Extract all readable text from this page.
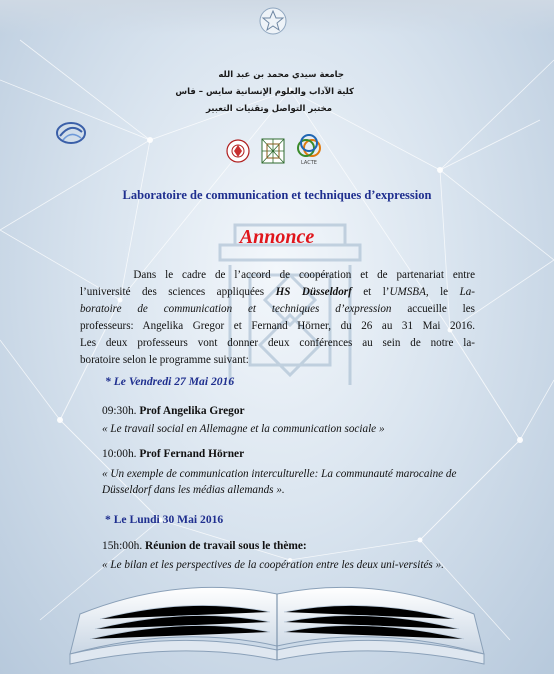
جامعة سيدي محمد بن عبد الله
كلية الآداب والعلوم الإنسانية سايس – فاس
مختبر التواصل وتقنيات التعبير
LACTE
Laboratoire de communication et techniques d’expression
Annonce
Dans le cadre de l’accord de coopération et de partenariat entre
l’université des sciences appliquées HS Düsseldorf et l’UMSBA, le La-
boratoire de communication et techniques d’expression accueille les
professeurs: Angelika Gregor et Fernand Hörner, du 26 au 31 Mai 2016.
Les deux professeurs vont donner deux conférences au sein de notre la-
boratoire selon le programme suivant:
* Le Vendredi 27 Mai 2016
09:30h. Prof Angelika Gregor
« Le travail social en Allemagne et la communication sociale »
10:00h. Prof Fernand Hörner
« Un exemple de communication interculturelle: La communauté marocaine de Düsseldorf dans les médias allemands ».
* Le Lundi 30 Mai 2016
15h:00h. Réunion de travail sous le thème:
« Le bilan et les perspectives de la coopération entre les deux uni-versités ».
